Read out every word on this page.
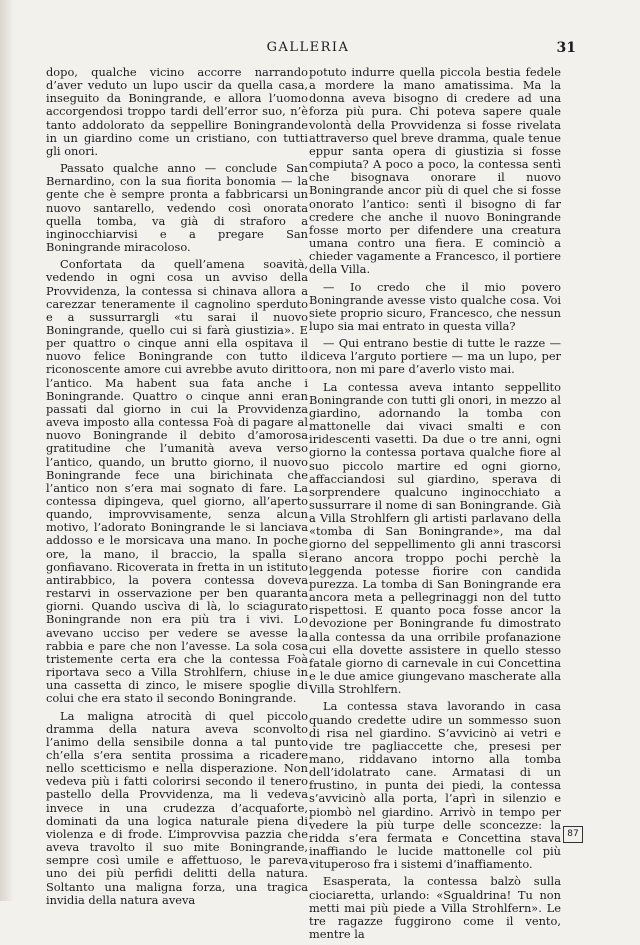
GALLERIA	31

dopo, qualche vicino accorre narrando d’aver veduto un lupo uscir da quella casa, inseguito da Boningrande, e allora l’uomo accorgendosi troppo tardi dell’error suo, n’è tanto addolorato da seppellire Boningrande in un giardino come un cristiano, con tutti gli onori.

Passato qualche anno — conclude San Bernardino, con la sua fiorita bonomia — la gente che è sempre pronta a fabbricarsi un nuovo santarello, vedendo così onorata quella tomba, va già di straforo a inginocchiarvisi e a pregare San Boningrande miracoloso.

Confortata da quell’amena soavità, vedendo in ogni cosa un avviso della Provvidenza, la contessa si chinava allora a carezzar teneramente il cagnolino sperduto e a sussurrargli «tu sarai il nuovo Boningrande, quello cui si farà giustizia». E per quattro o cinque anni ella ospitava il nuovo felice Boningrande con tutto il riconoscente amore cui avrebbe avuto diritto l’antico. Ma habent sua fata anche i Boningrande. Quattro o cinque anni eran passati dal giorno in cui la Provvidenza aveva imposto alla contessa Foà di pagare al nuovo Boningrande il debito d’amorosa gratitudine che l’umanità aveva verso l’antico, quando, un brutto giorno, il nuovo Boningrande fece una birichinata che l’antico non s’era mai sognato di fare. La contessa dipingeva, quel giorno, all’aperto quando, improvvisamente, senza alcun motivo, l’adorato Boningrande le si lanciava addosso e le morsicava una mano. In poche ore, la mano, il braccio, la spalla si gonfiavano. Ricoverata in fretta in un istituto antirabbico, la povera contessa doveva restarvi in osservazione per ben quaranta giorni. Quando uscìva di là, lo sciagurato Boningrande non era più tra i vivi. Lo avevano ucciso per vedere se avesse la rabbia e pare che non l’avesse. La sola cosa tristemente certa era che la contessa Foà riportava seco a Villa Strohlfern, chiuse in una cassetta di zinco, le misere spoglie di colui che era stato il secondo Boningrande.

La maligna atrocità di quel piccolo dramma della natura aveva sconvolto l’animo della sensibile donna a tal punto ch’ella s’era sentita prossima a ricadere nello scetticismo e nella disperazione. Non vedeva più i fatti colorirsi secondo il tenero pastello della Provvidenza, ma li vedeva invece in una crudezza d’acquaforte, dominati da una logica naturale piena di violenza e di frode. L’improvvisa pazzia che aveva travolto il suo mite Boningrande, sempre così umile e affettuoso, le pareva uno dei più perfidi delitti della natura. Soltanto una maligna forza, una tragica invidia della natura aveva

potuto indurre quella piccola bestia fedele a mordere la mano amatissima. Ma la donna aveva bisogno di credere ad una forza più pura. Chi poteva sapere quale volontà della Provvidenza si fosse rivelata attraverso quel breve dramma, quale tenue eppur santa opera di giustizia si fosse compiuta? A poco a poco, la contessa sentì che bisognava onorare il nuovo Boningrande ancor più di quel che si fosse onorato l’antico: sentì il bisogno di far credere che anche il nuovo Boningrande fosse morto per difendere una creatura umana contro una fiera. E cominciò a chieder vagamente a Francesco, il portiere della Villa.

— Io credo che il mio povero Boningrande avesse visto qualche cosa. Voi siete proprio sicuro, Francesco, che nessun lupo sia mai entrato in questa villa?

— Qui entrano bestie di tutte le razze — diceva l’arguto portiere — ma un lupo, per ora, non mi pare d’averlo visto mai.

La contessa aveva intanto seppellito Boningrande con tutti gli onori, in mezzo al giardino, adornando la tomba con mattonelle dai vivaci smalti e con iridescenti vasetti. Da due o tre anni, ogni giorno la contessa portava qualche fiore al suo piccolo martire ed ogni giorno, affacciandosi sul giardino, sperava di sorprendere qualcuno inginocchiato a sussurrare il nome di san Boningrande. Già a Villa Strohlfern gli artisti parlavano della «tomba di San Boningrande», ma dal giorno del seppellimento gli anni trascorsi erano ancora troppo pochi perchè la leggenda potesse fiorire con candida purezza. La tomba di San Boningrande era ancora meta a pellegrinaggi non del tutto rispettosi. E quanto poca fosse ancor la devozione per Boningrande fu dimostrato alla contessa da una orribile profanazione cui ella dovette assistere in quello stesso fatale giorno di carnevale in cui Concettina e le due amice giungevano mascherate alla Villa Strohlfern.

La contessa stava lavorando in casa quando credette udire un sommesso suon di risa nel giardino. S’avvicinò ai vetri e vide tre pagliaccette che, presesi per mano, riddavano intorno alla tomba dell’idolatrato cane. Armatasi di un frustino, in punta dei piedi, la contessa s’avvicinò alla porta, l’aprì in silenzio e piombò nel giardino. Arrivò in tempo per vedere la più turpe delle sconcezze: la ridda s’era fermata e Concettina stava inaffiando le lucide mattonelle col più vituperoso fra i sistemi d’inaffiamento.

Esasperata, la contessa balzò sulla ciociaretta, urlando: «Sgualdrina! Tu non metti mai più piede a Villa Strohlfern». Le tre ragazze fuggirono come il vento, mentre la

87
